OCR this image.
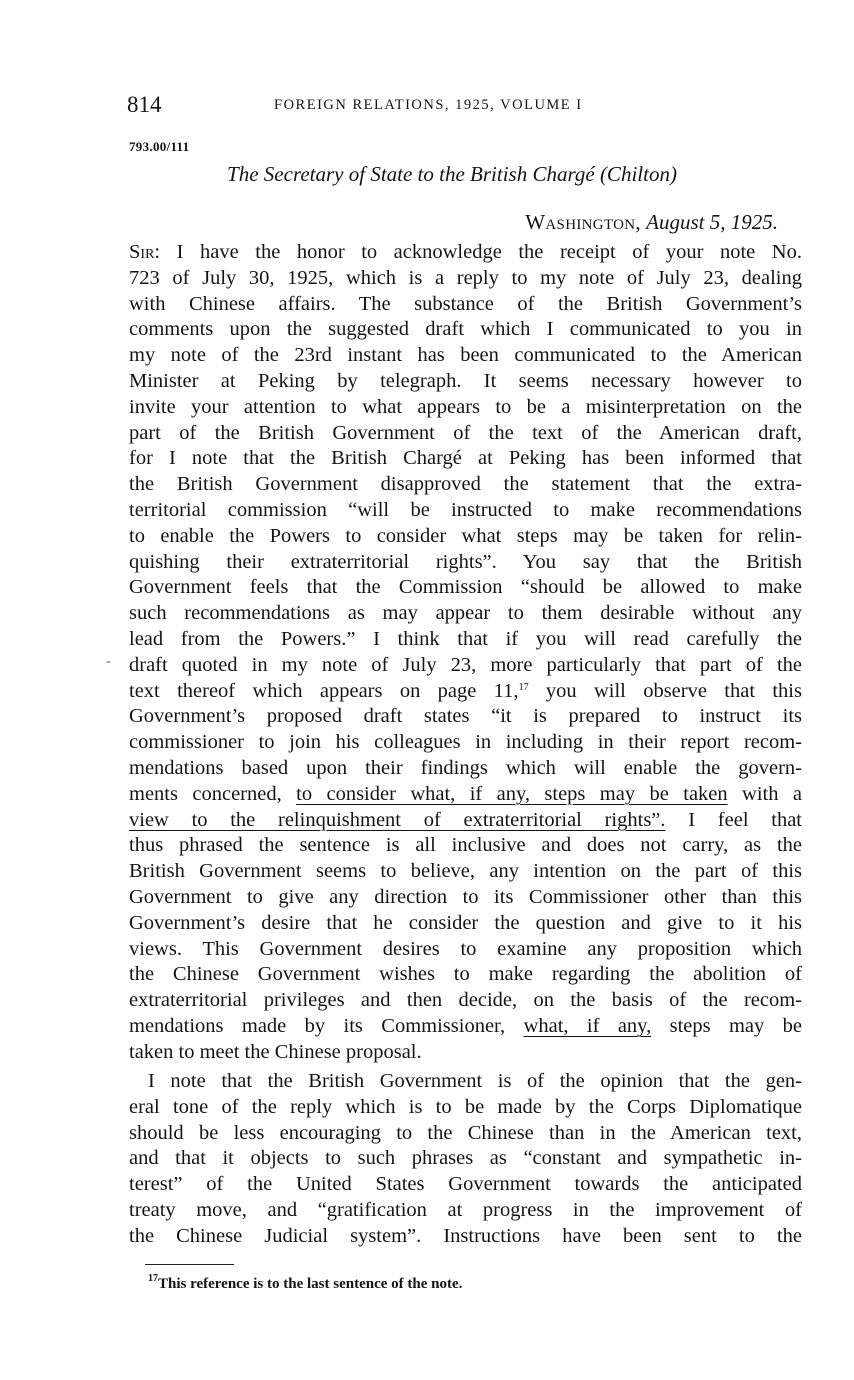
814	FOREIGN RELATIONS, 1925, VOLUME I
793.00/111
The Secretary of State to the British Chargé (Chilton)
Washington, August 5, 1925.
‐
Sir: I have the honor to acknowledge the receipt of your note No.
723 of July 30, 1925, which is a reply to my note of July 23, dealing
with Chinese affairs. The substance of the British Government’s
comments upon the suggested draft which I communicated to you in
my note of the 23rd instant has been communicated to the American
Minister at Peking by telegraph. It seems necessary however to
invite your attention to what appears to be a misinterpretation on the
part of the British Government of the text of the American draft,
for I note that the British Chargé at Peking has been informed that
the British Government disapproved the statement that the extra-
territorial commission “will be instructed to make recommendations
to enable the Powers to consider what steps may be taken for relin-
quishing their extraterritorial rights”. You say that the British
Government feels that the Commission “should be allowed to make
such recommendations as may appear to them desirable without any
lead from the Powers.” I think that if you will read carefully the
draft quoted in my note of July 23, more particularly that part of the
text thereof which appears on page 11,17 you will observe that this
Government’s proposed draft states “it is prepared to instruct its
commissioner to join his colleagues in including in their report recom-
mendations based upon their findings which will enable the govern-
ments concerned, to consider what, if any, steps may be taken with a
view to the relinquishment of extraterritorial rights”. I feel that
thus phrased the sentence is all inclusive and does not carry, as the
British Government seems to believe, any intention on the part of this
Government to give any direction to its Commissioner other than this
Government’s desire that he consider the question and give to it his
views. This Government desires to examine any proposition which
the Chinese Government wishes to make regarding the abolition of
extraterritorial privileges and then decide, on the basis of the recom-
mendations made by its Commissioner, what, if any, steps may be
taken to meet the Chinese proposal.
I note that the British Government is of the opinion that the gen-
eral tone of the reply which is to be made by the Corps Diplomatique
should be less encouraging to the Chinese than in the American text,
and that it objects to such phrases as “constant and sympathetic in-
terest” of the United States Government towards the anticipated
treaty move, and “gratification at progress in the improvement of
the Chinese Judicial system”. Instructions have been sent to the
$^{17}$This reference is to the last sentence of the note.
